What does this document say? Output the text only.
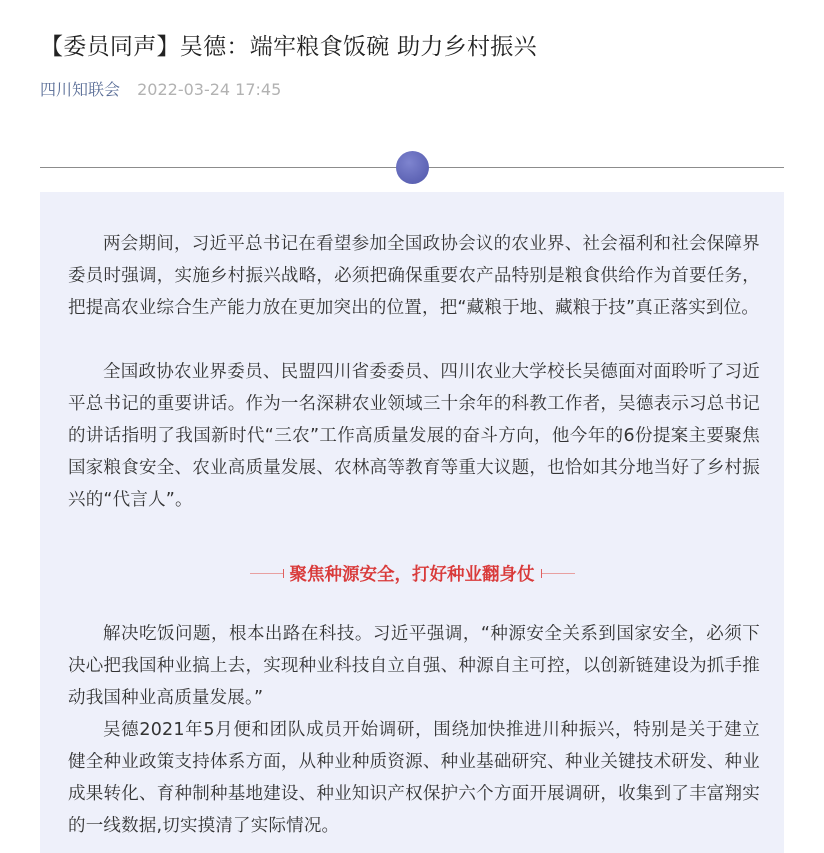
【委员同声】吴德：端牢粮食饭碗 助力乡村振兴
四川知联会 2022-03-24 17:45

两会期间，习近平总书记在看望参加全国政协会议的农业界、社会福利和社会保障界委员时强调，实施乡村振兴战略，必须把确保重要农产品特别是粮食供给作为首要任务，把提高农业综合生产能力放在更加突出的位置，把“藏粮于地、藏粮于技”真正落实到位。

全国政协农业界委员、民盟四川省委委员、四川农业大学校长吴德面对面聆听了习近平总书记的重要讲话。作为一名深耕农业领域三十余年的科教工作者，吴德表示习总书记的讲话指明了我国新时代“三农”工作高质量发展的奋斗方向，他今年的6份提案主要聚焦国家粮食安全、农业高质量发展、农林高等教育等重大议题，也恰如其分地当好了乡村振兴的“代言人”。

聚焦种源安全，打好种业翻身仗

解决吃饭问题，根本出路在科技。习近平强调，“种源安全关系到国家安全，必须下决心把我国种业搞上去，实现种业科技自立自强、种源自主可控，以创新链建设为抓手推动我国种业高质量发展。”

吴德2021年5月便和团队成员开始调研，围绕加快推进川种振兴，特别是关于建立健全种业政策支持体系方面，从种业种质资源、种业基础研究、种业关键技术研发、种业成果转化、育种制种基地建设、种业知识产权保护六个方面开展调研，收集到了丰富翔实的一线数据,切实摸清了实际情况。
